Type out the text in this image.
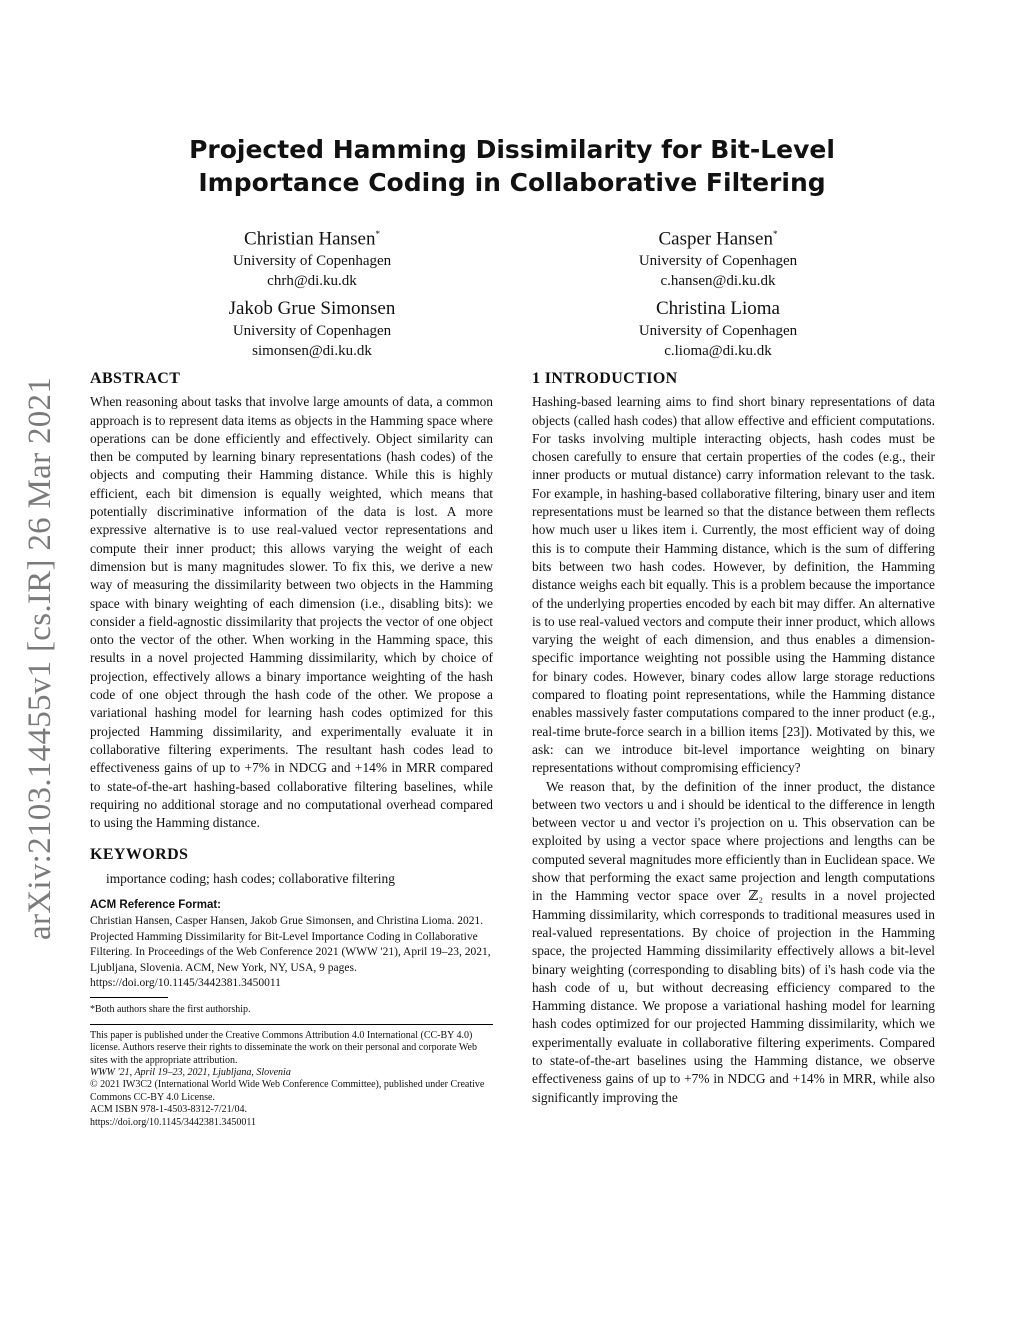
arXiv:2103.14455v1 [cs.IR] 26 Mar 2021
Projected Hamming Dissimilarity for Bit-Level
Importance Coding in Collaborative Filtering
Christian Hansen*
University of Copenhagen
chrh@di.ku.dk
Casper Hansen*
University of Copenhagen
c.hansen@di.ku.dk
Jakob Grue Simonsen
University of Copenhagen
simonsen@di.ku.dk
Christina Lioma
University of Copenhagen
c.lioma@di.ku.dk
ABSTRACT

When reasoning about tasks that involve large amounts of data, a common approach is to represent data items as objects in the Hamming space where operations can be done efficiently and effectively. Object similarity can then be computed by learning binary representations (hash codes) of the objects and computing their Hamming distance. While this is highly efficient, each bit dimension is equally weighted, which means that potentially discriminative information of the data is lost. A more expressive alternative is to use real-valued vector representations and compute their inner product; this allows varying the weight of each dimension but is many magnitudes slower. To fix this, we derive a new way of measuring the dissimilarity between two objects in the Hamming space with binary weighting of each dimension (i.e., disabling bits): we consider a field-agnostic dissimilarity that projects the vector of one object onto the vector of the other. When working in the Hamming space, this results in a novel projected Hamming dissimilarity, which by choice of projection, effectively allows a binary importance weighting of the hash code of one object through the hash code of the other. We propose a variational hashing model for learning hash codes optimized for this projected Hamming dissimilarity, and experimentally evaluate it in collaborative filtering experiments. The resultant hash codes lead to effectiveness gains of up to +7% in NDCG and +14% in MRR compared to state-of-the-art hashing-based collaborative filtering baselines, while requiring no additional storage and no computational overhead compared to using the Hamming distance.

KEYWORDS

importance coding; hash codes; collaborative filtering

ACM Reference Format:

Christian Hansen, Casper Hansen, Jakob Grue Simonsen, and Christina Lioma. 2021. Projected Hamming Dissimilarity for Bit-Level Importance Coding in Collaborative Filtering. In Proceedings of the Web Conference 2021 (WWW '21), April 19–23, 2021, Ljubljana, Slovenia. ACM, New York, NY, USA, 9 pages. https://doi.org/10.1145/3442381.3450011

*Both authors share the first authorship.

This paper is published under the Creative Commons Attribution 4.0 International (CC-BY 4.0) license. Authors reserve their rights to disseminate the work on their personal and corporate Web sites with the appropriate attribution.

WWW '21, April 19–23, 2021, Ljubljana, Slovenia

© 2021 IW3C2 (International World Wide Web Conference Committee), published under Creative Commons CC-BY 4.0 License.

ACM ISBN 978-1-4503-8312-7/21/04.

https://doi.org/10.1145/3442381.3450011

1 INTRODUCTION

Hashing-based learning aims to find short binary representations of data objects (called hash codes) that allow effective and efficient computations. For tasks involving multiple interacting objects, hash codes must be chosen carefully to ensure that certain properties of the codes (e.g., their inner products or mutual distance) carry information relevant to the task. For example, in hashing-based collaborative filtering, binary user and item representations must be learned so that the distance between them reflects how much user u likes item i. Currently, the most efficient way of doing this is to compute their Hamming distance, which is the sum of differing bits between two hash codes. However, by definition, the Hamming distance weighs each bit equally. This is a problem because the importance of the underlying properties encoded by each bit may differ. An alternative is to use real-valued vectors and compute their inner product, which allows varying the weight of each dimension, and thus enables a dimension-specific importance weighting not possible using the Hamming distance for binary codes. However, binary codes allow large storage reductions compared to floating point representations, while the Hamming distance enables massively faster computations compared to the inner product (e.g., real-time brute-force search in a billion items [23]). Motivated by this, we ask: can we introduce bit-level importance weighting on binary representations without compromising efficiency?

We reason that, by the definition of the inner product, the distance between two vectors u and i should be identical to the difference in length between vector u and vector i's projection on u. This observation can be exploited by using a vector space where projections and lengths can be computed several magnitudes more efficiently than in Euclidean space. We show that performing the exact same projection and length computations in the Hamming vector space over ℤ₂ results in a novel projected Hamming dissimilarity, which corresponds to traditional measures used in real-valued representations. By choice of projection in the Hamming space, the projected Hamming dissimilarity effectively allows a bit-level binary weighting (corresponding to disabling bits) of i's hash code via the hash code of u, but without decreasing efficiency compared to the Hamming distance. We propose a variational hashing model for learning hash codes optimized for our projected Hamming dissimilarity, which we experimentally evaluate in collaborative filtering experiments. Compared to state-of-the-art baselines using the Hamming distance, we observe effectiveness gains of up to +7% in NDCG and +14% in MRR, while also significantly improving the
